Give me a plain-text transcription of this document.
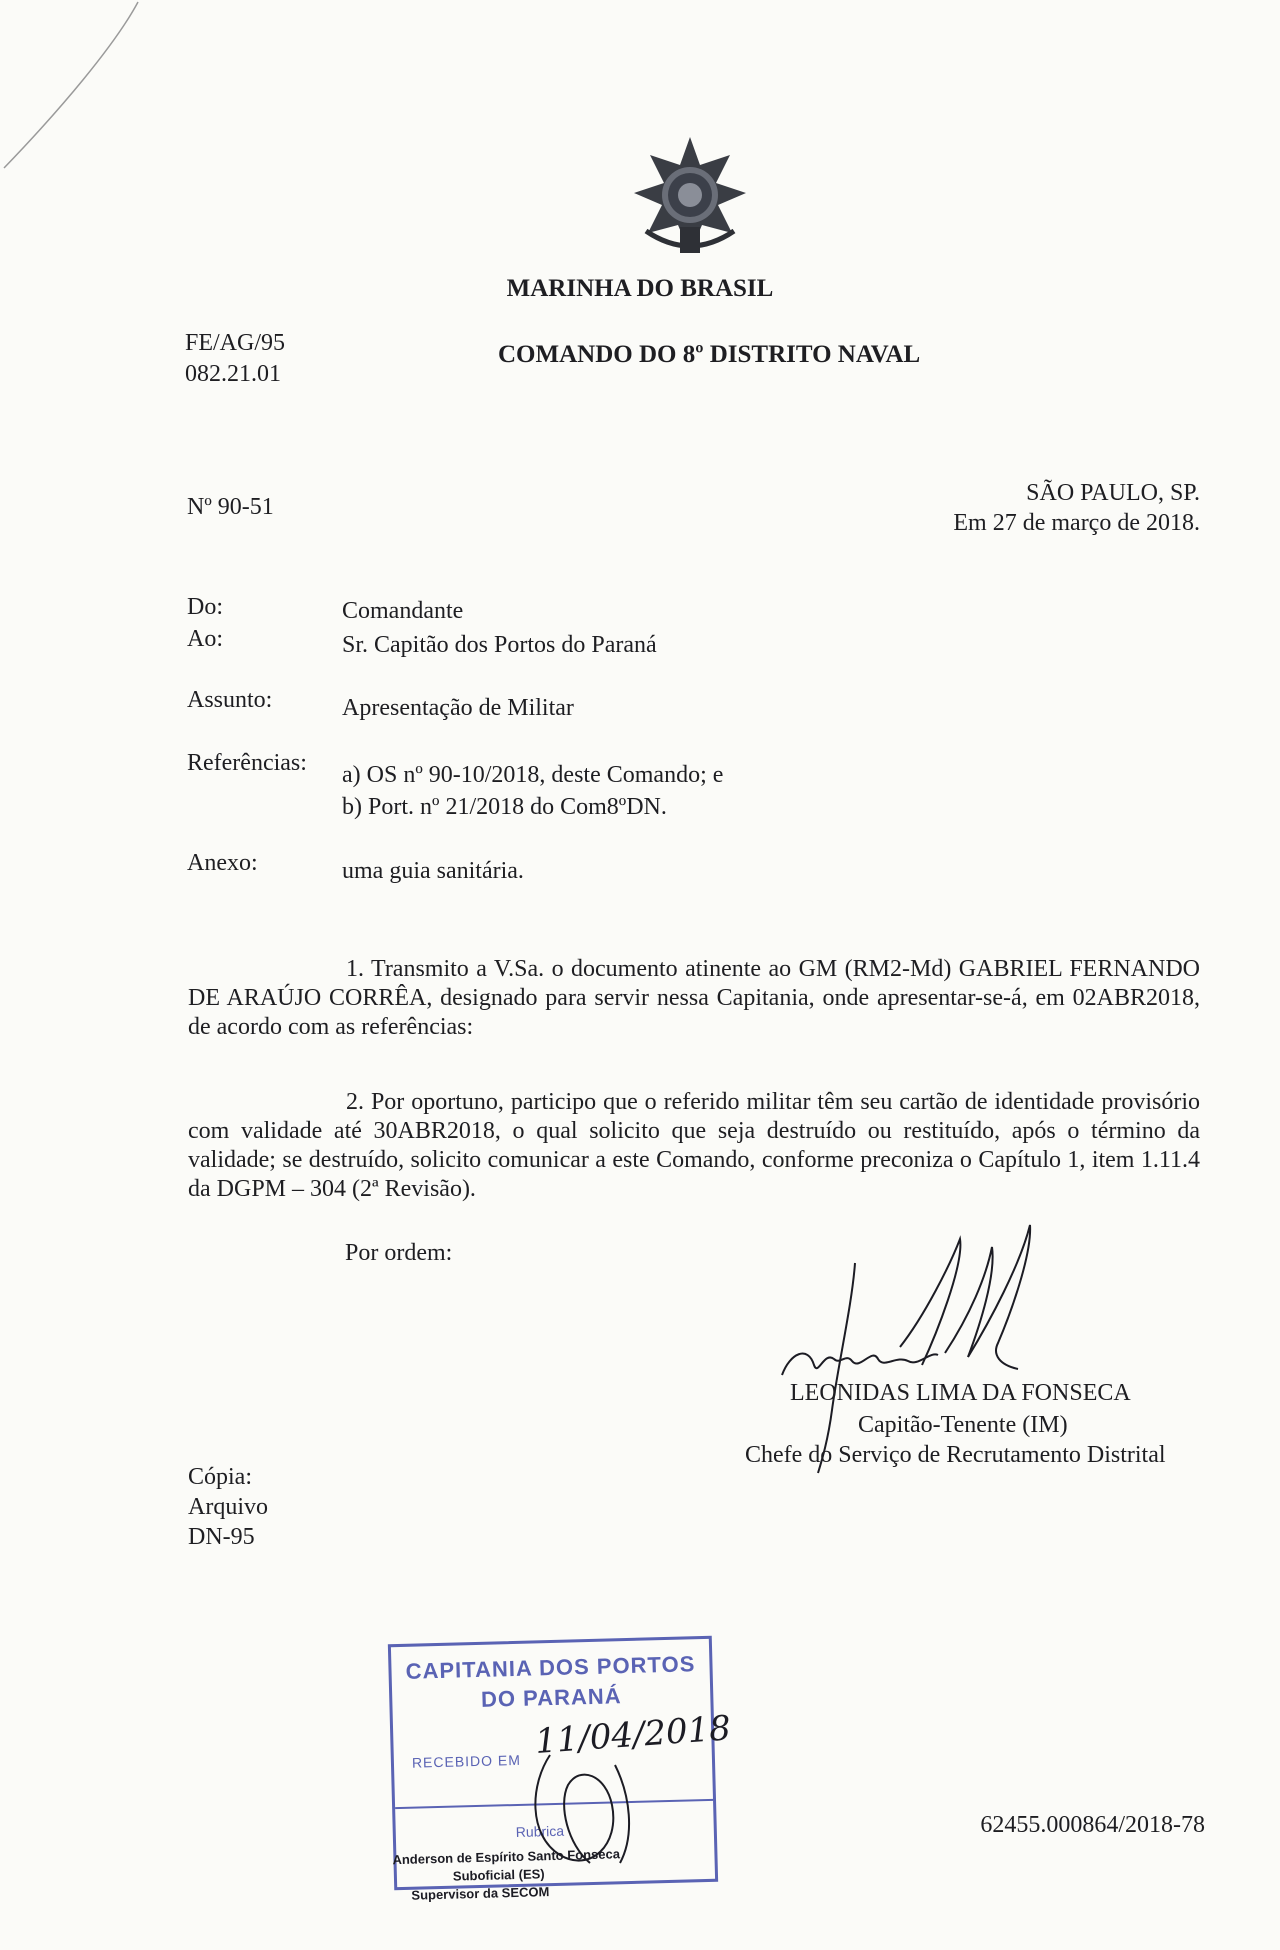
MARINHA DO BRASIL
COMANDO DO 8º DISTRITO NAVAL
FE/AG/95
082.21.01
Nº 90-51
SÃO PAULO, SP.
Em 27 de março de 2018.
Do:	Comandante
Ao:	Sr. Capitão dos Portos do Paraná
Assunto:	Apresentação de Militar
Referências: a) OS nº 90-10/2018, deste Comando; e
b) Port. nº 21/2018 do Com8ºDN.
Anexo:	uma guia sanitária.

1. Transmito a V.Sa. o documento atinente ao GM (RM2-Md) GABRIEL FERNANDO DE ARAÚJO CORRÊA, designado para servir nessa Capitania, onde apresentar-se-á, em 02ABR2018, de acordo com as referências:

2. Por oportuno, participo que o referido militar têm seu cartão de identidade provisório com validade até 30ABR2018, o qual solicito que seja destruído ou restituído, após o término da validade; se destruído, solicito comunicar a este Comando, conforme preconiza o Capítulo 1, item 1.11.4 da DGPM – 304 (2ª Revisão).

Por ordem:
LEONIDAS LIMA DA FONSECA
Capitão-Tenente (IM)
Chefe do Serviço de Recrutamento Distrital
Cópia:
Arquivo
DN-95
CAPITANIA DOS PORTOS
DO PARANÁ
RECEBIDO EM
Rubrica
Anderson de Espírito Santo Fonseca
Suboficial (ES)
Supervisor da SECOM
11/04/2018
62455.000864/2018-78
